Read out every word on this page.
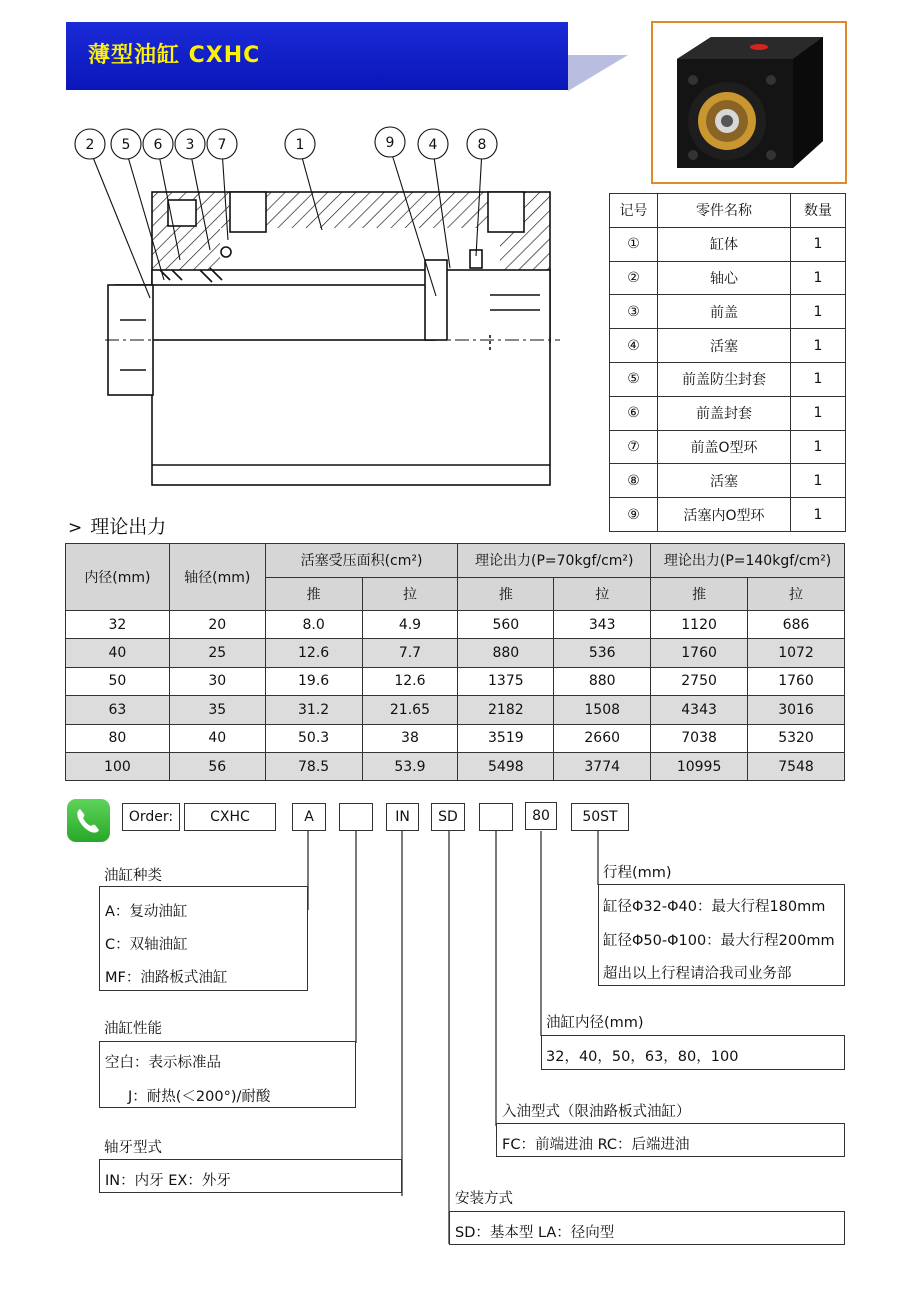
薄型油缸 CXHC
2 5 6 3 7	1	9 4	8
记号	零件名称	数量
①	缸体	1
②	轴心	1
③	前盖	1
④	活塞	1
⑤	前盖防尘封套	1
⑥	前盖封套	1
⑦	前盖O型环	1
⑧	活塞	1
⑨	活塞内O型环	1
> 理论出力
内径(mm)	轴径(mm)	活塞受压面积(cm²)		理论出力(P=70kgf/cm²)		理论出力(P=140kgf/cm²)	
		推	拉	推	拉	推	拉
32	20	8.0	4.9	560	343	1120	686
40	25	12.6	7.7	880	536	1760	1072
50	30	19.6	12.6	1375	880	2750	1760
63	35	31.2	21.65	2182	1508	4343	3016
80	40	50.3	38	3519	2660	7038	5320
100	56	78.5	53.9	5498	3774	10995	7548
Order:	CXHC	A	IN	SD	80	50ST
油缸种类
A：复动油缸
C：双轴油缸
MF：油路板式油缸
油缸性能
空白：表示标准品
J：耐热(＜200°)/耐酸
轴牙型式
IN：内牙 EX：外牙
安装方式
SD：基本型 LA：径向型
入油型式（限油路板式油缸）
FC：前端进油 RC：后端进油
油缸内径(mm)
32，40，50，63，80，100
行程(mm)
缸径Φ32-Φ40：最大行程180mm
缸径Φ50-Φ100：最大行程200mm
超出以上行程请洽我司业务部
